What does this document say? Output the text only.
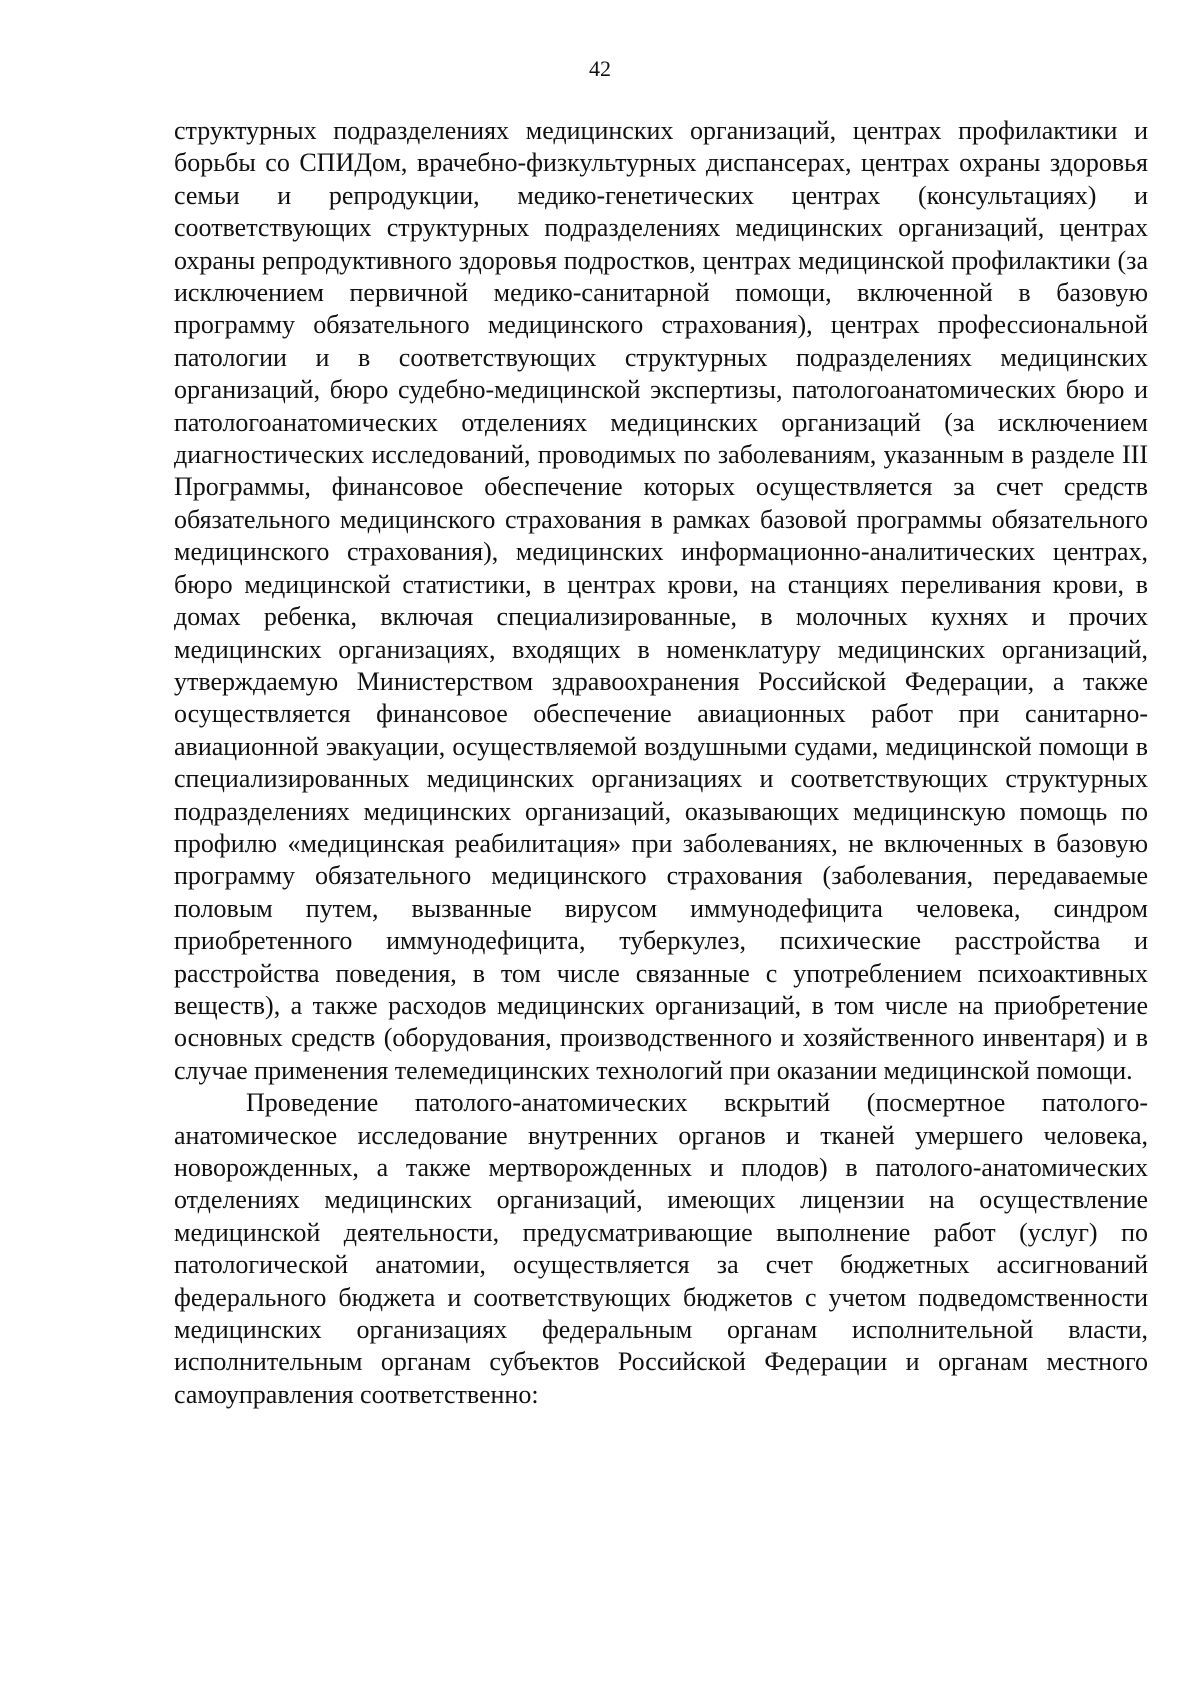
42

структурных подразделениях медицинских организаций, центрах профилактики и борьбы со СПИДом, врачебно-физкультурных диспансерах, центрах охраны здоровья семьи и репродукции, медико-генетических центрах (консультациях) и соответствующих структурных подразделениях медицинских организаций, центрах охраны репродуктивного здоровья подростков, центрах медицинской профилактики (за исключением первичной медико-санитарной помощи, включенной в базовую программу обязательного медицинского страхования), центрах профессиональной патологии и в соответствующих структурных подразделениях медицинских организаций, бюро судебно-медицинской экспертизы, патологоанатомических бюро и патологоанатомических отделениях медицинских организаций (за исключением диагностических исследований, проводимых по заболеваниям, указанным в разделе III Программы, финансовое обеспечение которых осуществляется за счет средств обязательного медицинского страхования в рамках базовой программы обязательного медицинского страхования), медицинских информационно-аналитических центрах, бюро медицинской статистики, в центрах крови, на станциях переливания крови, в домах ребенка, включая специализированные, в молочных кухнях и прочих медицинских организациях, входящих в номенклатуру медицинских организаций, утверждаемую Министерством здравоохранения Российской Федерации, а также осуществляется финансовое обеспечение авиационных работ при санитарно-авиационной эвакуации, осуществляемой воздушными судами, медицинской помощи в специализированных медицинских организациях и соответствующих структурных подразделениях медицинских организаций, оказывающих медицинскую помощь по профилю «медицинская реабилитация» при заболеваниях, не включенных в базовую программу обязательного медицинского страхования (заболевания, передаваемые половым путем, вызванные вирусом иммунодефицита человека, синдром приобретенного иммунодефицита, туберкулез, психические расстройства и расстройства поведения, в том числе связанные с употреблением психоактивных веществ), а также расходов медицинских организаций, в том числе на приобретение основных средств (оборудования, производственного и хозяйственного инвентаря) и в случае применения телемедицинских технологий при оказании медицинской помощи.

Проведение патолого-анатомических вскрытий (посмертное патолого-анатомическое исследование внутренних органов и тканей умершего человека, новорожденных, а также мертворожденных и плодов) в патолого-анатомических отделениях медицинских организаций, имеющих лицензии на осуществление медицинской деятельности, предусматривающие выполнение работ (услуг) по патологической анатомии, осуществляется за счет бюджетных ассигнований федерального бюджета и соответствующих бюджетов с учетом подведомственности медицинских организациях федеральным органам исполнительной власти, исполнительным органам субъектов Российской Федерации и органам местного самоуправления соответственно:
